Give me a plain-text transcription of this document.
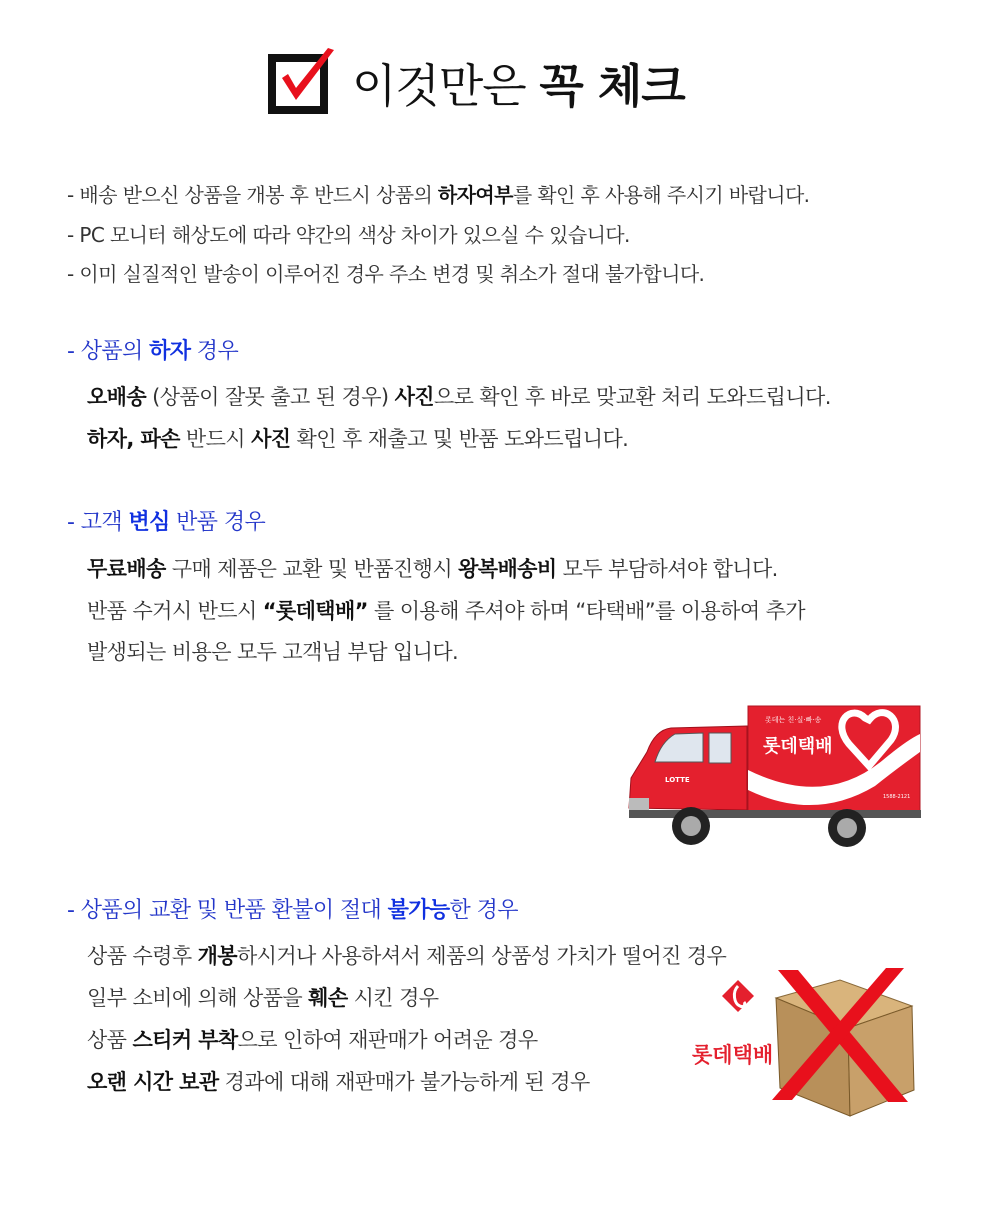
이것만은 꼭 체크
- 배송 받으신 상품을 개봉 후 반드시 상품의 하자여부를 확인 후 사용해 주시기 바랍니다.
- PC 모니터 해상도에 따라 약간의 색상 차이가 있으실 수 있습니다.
- 이미 실질적인 발송이 이루어진 경우 주소 변경 및 취소가 절대 불가합니다.
- 상품의 하자 경우
오배송 (상품이 잘못 출고 된 경우) 사진으로 확인 후 바로 맞교환 처리 도와드립니다.
하자, 파손 반드시 사진 확인 후 재출고 및 반품 도와드립니다.
- 고객 변심 반품 경우
무료배송 구매 제품은 교환 및 반품진행시 왕복배송비 모두 부담하셔야 합니다.
반품 수거시 반드시 “롯데택배” 를 이용해 주셔야 하며 “타택배”를 이용하여 추가
발생되는 비용은 모두 고객님 부담 입니다.
롯데는 친·실·빠·송
롯데택배
1588-2121
LOTTE
- 상품의 교환 및 반품 환불이 절대 불가능한 경우
상품 수령후 개봉하시거나 사용하셔서 제품의 상품성 가치가 떨어진 경우
일부 소비에 의해 상품을 훼손 시킨 경우
상품 스티커 부착으로 인하여 재판매가 어려운 경우
오랜 시간 보관 경과에 대해 재판매가 불가능하게 된 경우
롯데택배
